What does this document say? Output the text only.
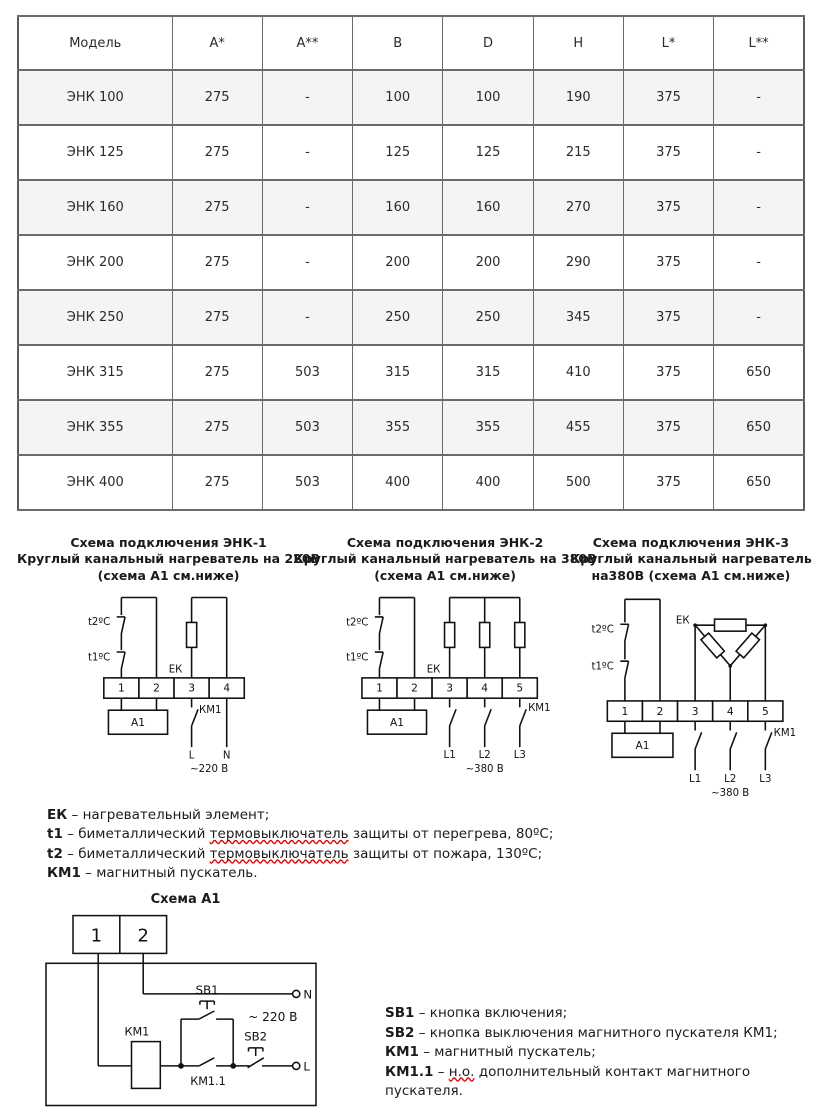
Модель	A*	A**	B	D	H	L*	L**
ЭНК 100	275	-	100	100	190	375	-
ЭНК 125	275	-	125	125	215	375	-
ЭНК 160	275	-	160	160	270	375	-
ЭНК 200	275	-	200	200	290	375	-
ЭНК 250	275	-	250	250	345	375	-
ЭНК 315	275	503	315	315	410	375	650
ЭНК 355	275	503	355	355	455	375	650
ЭНК 400	275	503	400	400	500	375	650
Схема подключения ЭНК-1
Круглый канальный нагреватель на 220В
(схема А1 см.ниже)
t2ºC
t1ºC
ЕК
1 2 3 4
А1
КМ1
L	N
~220 В
Схема подключения ЭНК-2
Круглый канальный нагреватель на 380В
(схема А1 см.ниже)
t2ºC
t1ºC
ЕК
1 2 3 4 5
А1
КМ1
L1 L2 L3
~380 В
Схема подключения ЭНК-3
Круглый канальный нагреватель
на380В (схема А1 см.ниже)
t2ºC
t1ºC
ЕК
1 2 3 4 5
А1
КМ1
L1 L2 L3
~380 В
ЕК – нагревательный элемент;
t1 – биметаллический термовыключатель защиты от перегрева, 80ºС;
t2 – биметаллический термовыключатель защиты от пожара, 130ºС;
КМ1 – магнитный пускатель.
Схема А1
1 2
N
L
КМ1
КМ1.1
SB1
SB2
~ 220 В	SB1 – кнопка включения;
SB2 – кнопка выключения магнитного пускателя КМ1;
КМ1 – магнитный пускатель;
КМ1.1 – н.о. дополнительный контакт магнитного пускателя.
